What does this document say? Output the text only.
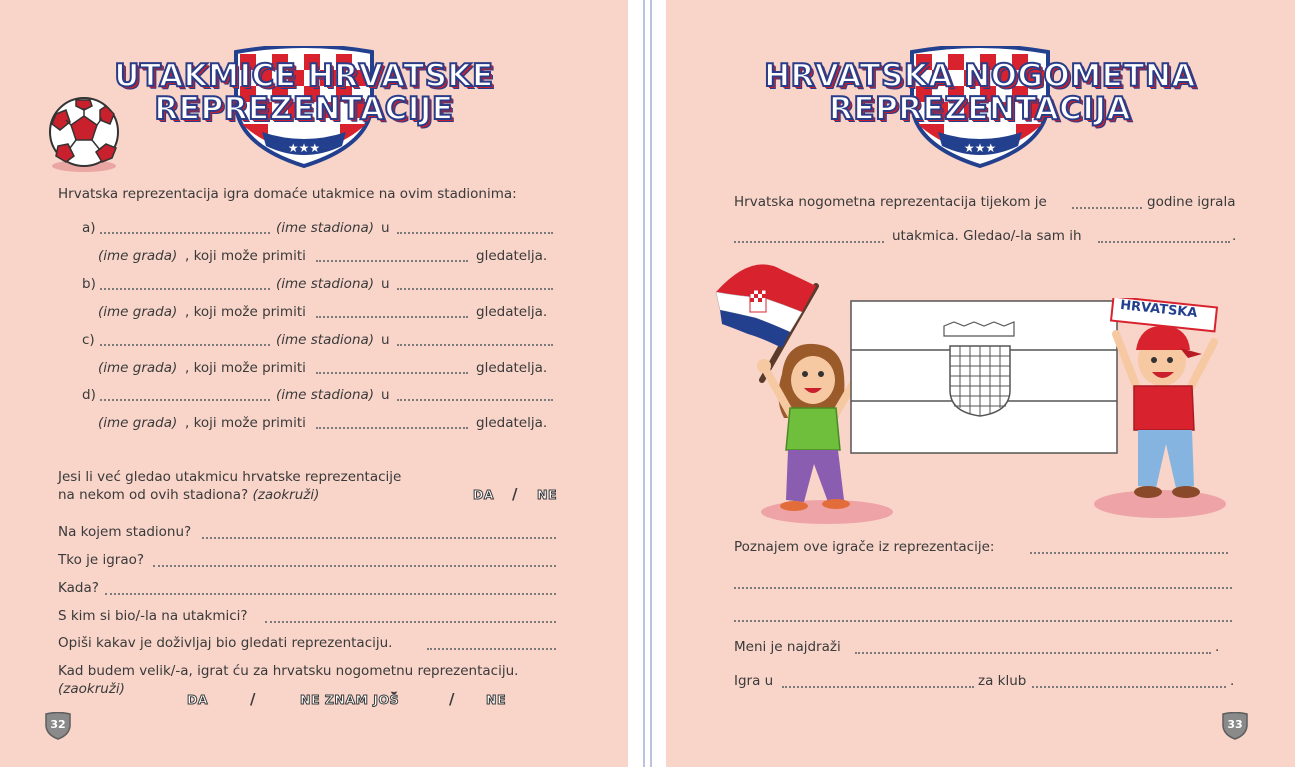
★★★
UTAKMICE HRVATSKE
REPREZENTACIJE
Hrvatska reprezentacija igra domaće utakmice na ovim stadionima:
a)	(ime stadiona) u
(ime grada) , koji može primiti	gledatelja.
b)	(ime stadiona) u
(ime grada) , koji može primiti	gledatelja.
c)	(ime stadiona) u
(ime grada) , koji može primiti	gledatelja.
d)	(ime stadiona) u
(ime grada) , koji može primiti	gledatelja.
Jesi li već gledao utakmicu hrvatske reprezentacije
na nekom od ovih stadiona? (zaokruži)	DA / NE
Na kojem stadionu?
Tko je igrao?
Kada?
S kim si bio/-la na utakmici?
Opiši kakav je doživljaj bio gledati reprezentaciju.
Kad budem velik/-a, igrat ću za hrvatsku nogometnu reprezentaciju.
(zaokruži)
DA	/	NE ZNAM JOŠ	/	NE
32
★★★
HRVATSKA NOGOMETNA
REPREZENTACIJA
Hrvatska nogometna reprezentacija tijekom je	godine igrala
utakmica. Gledao/-la sam ih	.
HRVATSKA
Poznajem ove igrače iz reprezentacije:
Meni je najdraži	.
Igra u	za klub	.
33
